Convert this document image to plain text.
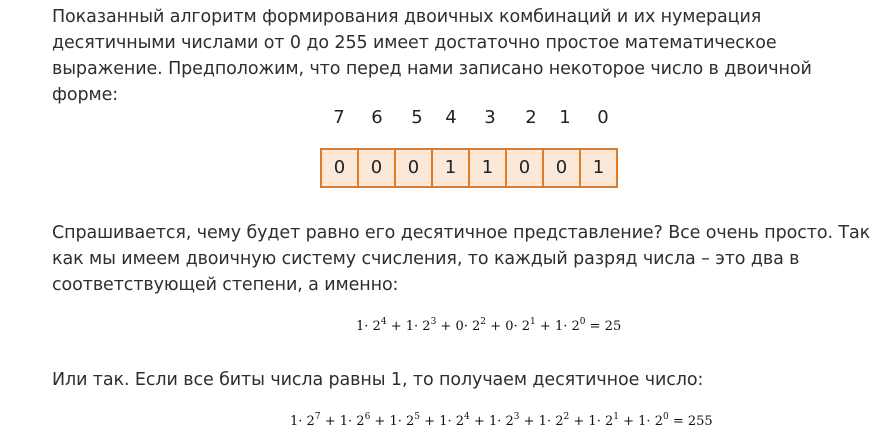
Показанный алгоритм формирования двоичных комбинаций и их нумерация десятичными числами от 0 до 255 имеет достаточно простое математическое выражение. Предположим, что перед нами записано некоторое число в двоичной форме:

7	6	5	4	3	2	1	0
0	0	0	1	1	0	0	1

Спрашивается, чему будет равно его десятичное представление? Все очень просто. Так как мы имеем двоичную систему счисления, то каждый разряд числа – это два в соответствующей степени, а именно:

$1\cdot 2^4 + 1\cdot 2^3 + 0\cdot 2^2 + 0\cdot 2^1 + 1\cdot 2^0 = 25$

Или так. Если все биты числа равны 1, то получаем десятичное число:

$1\cdot 2^7 + 1\cdot 2^6 + 1\cdot 2^5 + 1\cdot 2^4 + 1\cdot 2^3 + 1\cdot 2^2 + 1\cdot 2^1 + 1\cdot 2^0 = 255$
